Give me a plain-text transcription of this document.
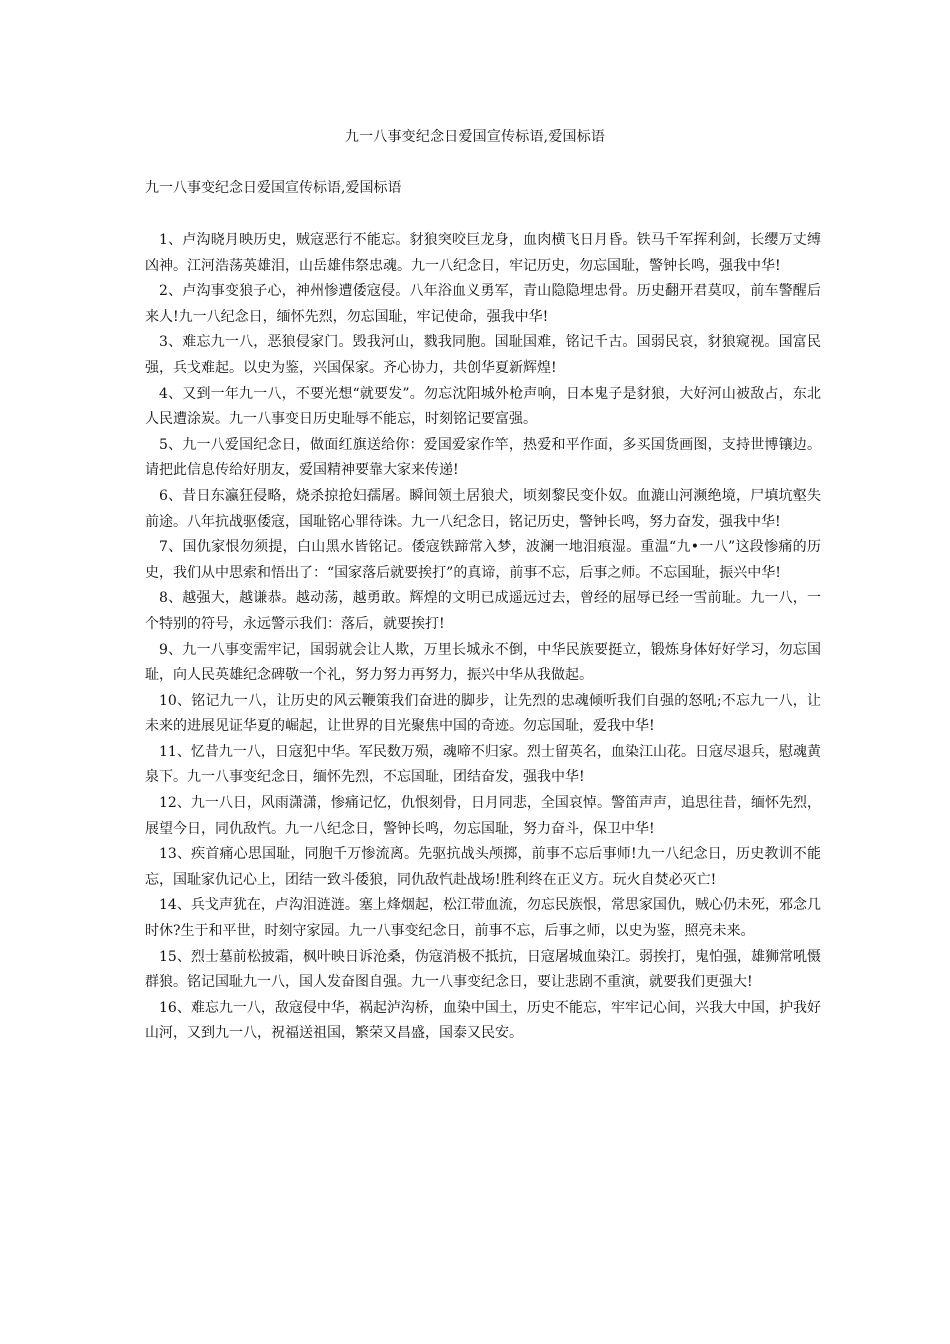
九一八事变纪念日爱国宣传标语,爱国标语
九一八事变纪念日爱国宣传标语,爱国标语

1、卢沟晓月映历史，贼寇恶行不能忘。豺狼突咬巨龙身，血肉横飞日月昏。铁马千军挥利剑，长缨万丈缚凶神。江河浩荡英雄泪，山岳雄伟祭忠魂。九一八纪念日，牢记历史，勿忘国耻，警钟长鸣，强我中华!

2、卢沟事变狼子心，神州惨遭倭寇侵。八年浴血义勇军，青山隐隐埋忠骨。历史翻开君莫叹，前车警醒后来人!九一八纪念日，缅怀先烈，勿忘国耻，牢记使命，强我中华!

3、难忘九一八，恶狼侵家门。毁我河山，戮我同胞。国耻国难，铭记千古。国弱民哀，豺狼窥视。国富民强，兵戈难起。以史为鉴，兴国保家。齐心协力，共创华夏新辉煌!

4、又到一年九一八，不要光想“就要发”。勿忘沈阳城外枪声响，日本鬼子是豺狼，大好河山被敌占，东北人民遭涂炭。九一八事变日历史耻辱不能忘，时刻铭记要富强。

5、九一八爱国纪念日，做面红旗送给你：爱国爱家作竿，热爱和平作面，多买国货画图，支持世博镶边。请把此信息传给好朋友，爱国精神要靠大家来传递!

6、昔日东瀛狂侵略，烧杀掠抢妇孺屠。瞬间领土居狼犬，顷刻黎民变仆奴。血漉山河濒绝境，尸填坑壑失前途。八年抗战驱倭寇，国耻铭心罪待诛。九一八纪念日，铭记历史，警钟长鸣，努力奋发，强我中华!

7、国仇家恨勿须提，白山黑水皆铭记。倭寇铁蹄常入梦，波澜一地泪痕湿。重温“九•一八”这段惨痛的历史，我们从中思索和悟出了：“国家落后就要挨打”的真谛，前事不忘，后事之师。不忘国耻，振兴中华!

8、越强大，越谦恭。越动荡，越勇敢。辉煌的文明已成遥远过去，曾经的屈辱已经一雪前耻。九一八，一个特别的符号，永远警示我们：落后，就要挨打!

9、九一八事变需牢记，国弱就会让人欺，万里长城永不倒，中华民族要挺立，锻炼身体好好学习，勿忘国耻，向人民英雄纪念碑敬一个礼，努力努力再努力，振兴中华从我做起。

10、铭记九一八，让历史的风云鞭策我们奋进的脚步，让先烈的忠魂倾听我们自强的怒吼;不忘九一八，让未来的进展见证华夏的崛起，让世界的目光聚焦中国的奇迹。勿忘国耻，爱我中华!

11、忆昔九一八，日寇犯中华。军民数万殒，魂啼不归家。烈士留英名，血染江山花。日寇尽退兵，慰魂黄泉下。九一八事变纪念日，缅怀先烈，不忘国耻，团结奋发，强我中华!

12、九一八日，风雨潇潇，惨痛记忆，仇恨刻骨，日月同悲，全国哀悼。警笛声声，追思往昔，缅怀先烈，展望今日，同仇敌忾。九一八纪念日，警钟长鸣，勿忘国耻，努力奋斗，保卫中华!

13、疾首痛心思国耻，同胞千万惨流离。先驱抗战头颅掷，前事不忘后事师!九一八纪念日，历史教训不能忘，国耻家仇记心上，团结一致斗倭狼，同仇敌忾赴战场!胜利终在正义方。玩火自焚必灭亡!

14、兵戈声犹在，卢沟泪涟涟。塞上烽烟起，松江带血流，勿忘民族恨，常思家国仇，贼心仍未死，邪念几时休?生于和平世，时刻守家园。九一八事变纪念日，前事不忘，后事之师，以史为鉴，照亮未来。

15、烈士墓前松披霜，枫叶映日诉沧桑，伪寇消极不抵抗，日寇屠城血染江。弱挨打，鬼怕强，雄狮常吼慑群狼。铭记国耻九一八，国人发奋图自强。九一八事变纪念日，要让悲剧不重演，就要我们更强大!

16、难忘九一八，敌寇侵中华，祸起泸沟桥，血染中国土，历史不能忘，牢牢记心间，兴我大中国，护我好山河，又到九一八，祝福送祖国，繁荣又昌盛，国泰又民安。
